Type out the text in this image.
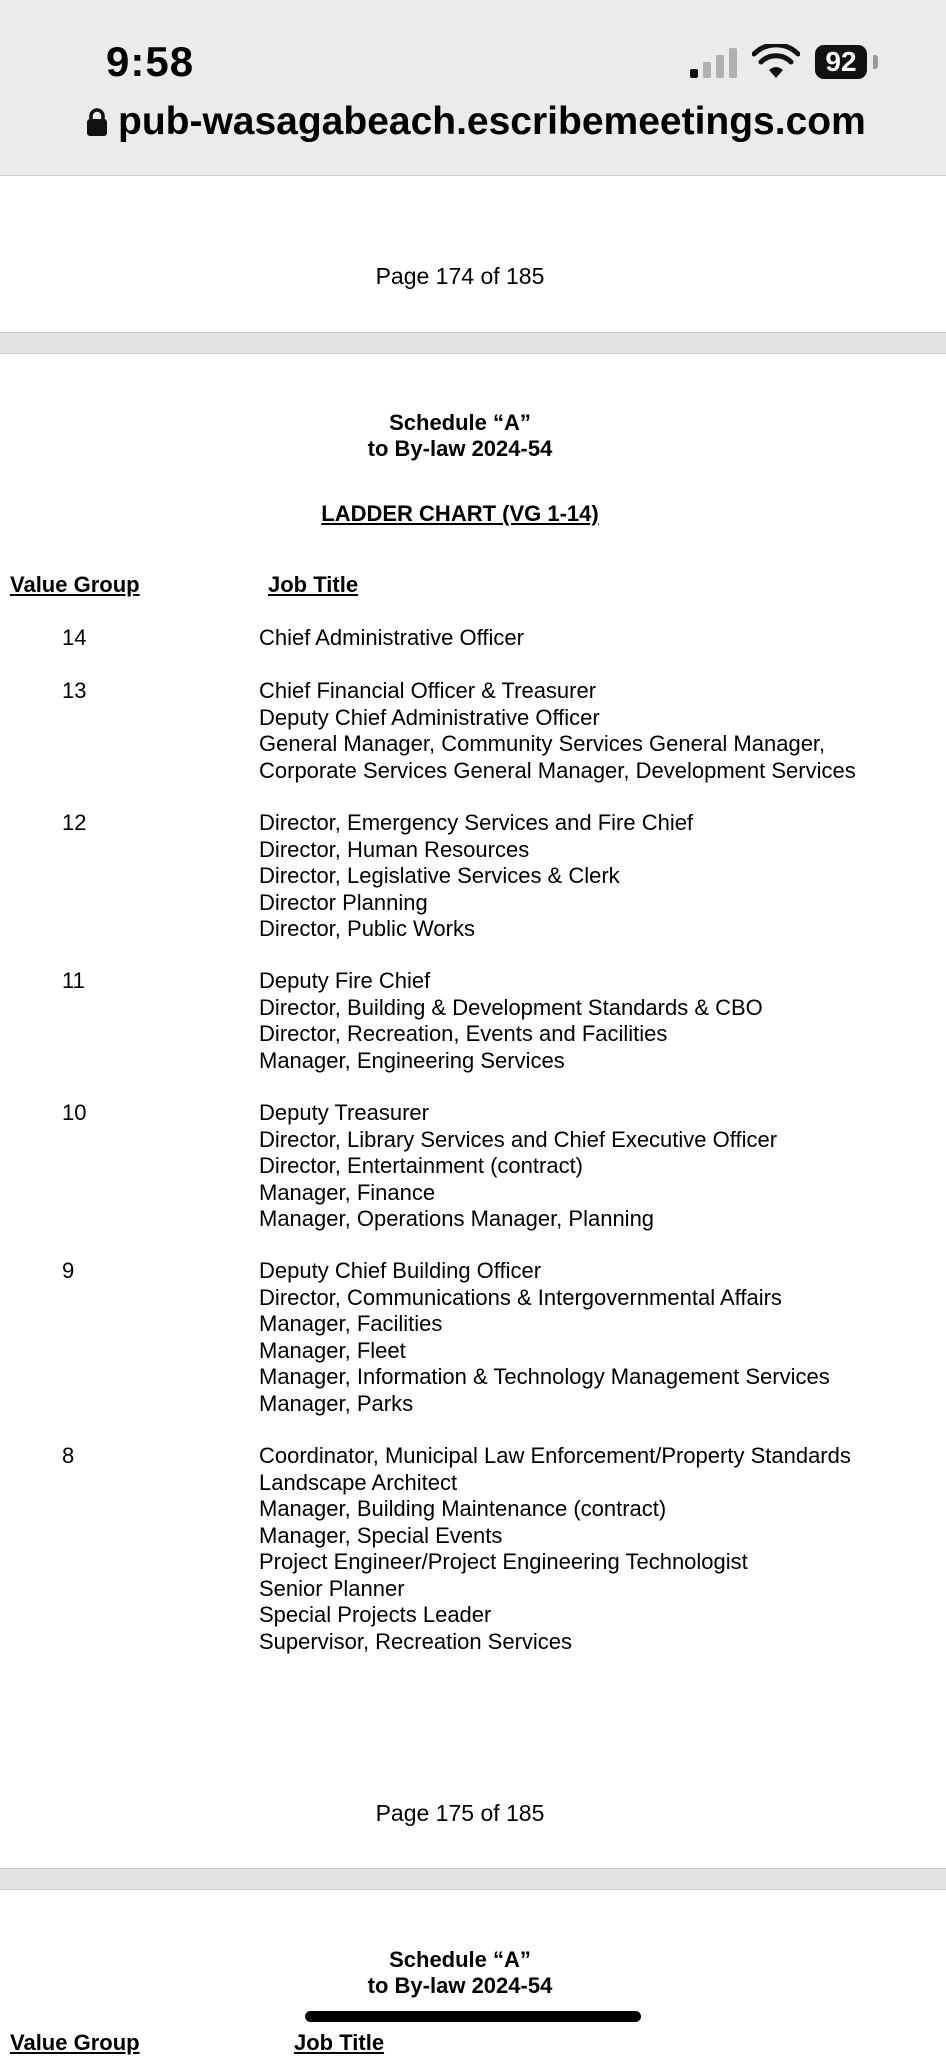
9:58	92
pub-wasagabeach.escribemeetings.com
Page 174 of 185
Schedule “A”
to By-law 2024-54
LADDER CHART (VG 1-14)
Value Group	Job Title
14	Chief Administrative Officer
13	Chief Financial Officer & Treasurer
Deputy Chief Administrative Officer
General Manager, Community Services General Manager,
Corporate Services General Manager, Development Services
12	Director, Emergency Services and Fire Chief
Director, Human Resources
Director, Legislative Services & Clerk
Director Planning
Director, Public Works
11	Deputy Fire Chief
Director, Building & Development Standards & CBO
Director, Recreation, Events and Facilities
Manager, Engineering Services
10	Deputy Treasurer
Director, Library Services and Chief Executive Officer
Director, Entertainment (contract)
Manager, Finance
Manager, Operations Manager, Planning
9	Deputy Chief Building Officer
Director, Communications & Intergovernmental Affairs
Manager, Facilities
Manager, Fleet
Manager, Information & Technology Management Services
Manager, Parks
8	Coordinator, Municipal Law Enforcement/Property Standards
Landscape Architect
Manager, Building Maintenance (contract)
Manager, Special Events
Project Engineer/Project Engineering Technologist
Senior Planner
Special Projects Leader
Supervisor, Recreation Services
Page 175 of 185
Schedule “A”
to By-law 2024-54
Value Group	Job Title
